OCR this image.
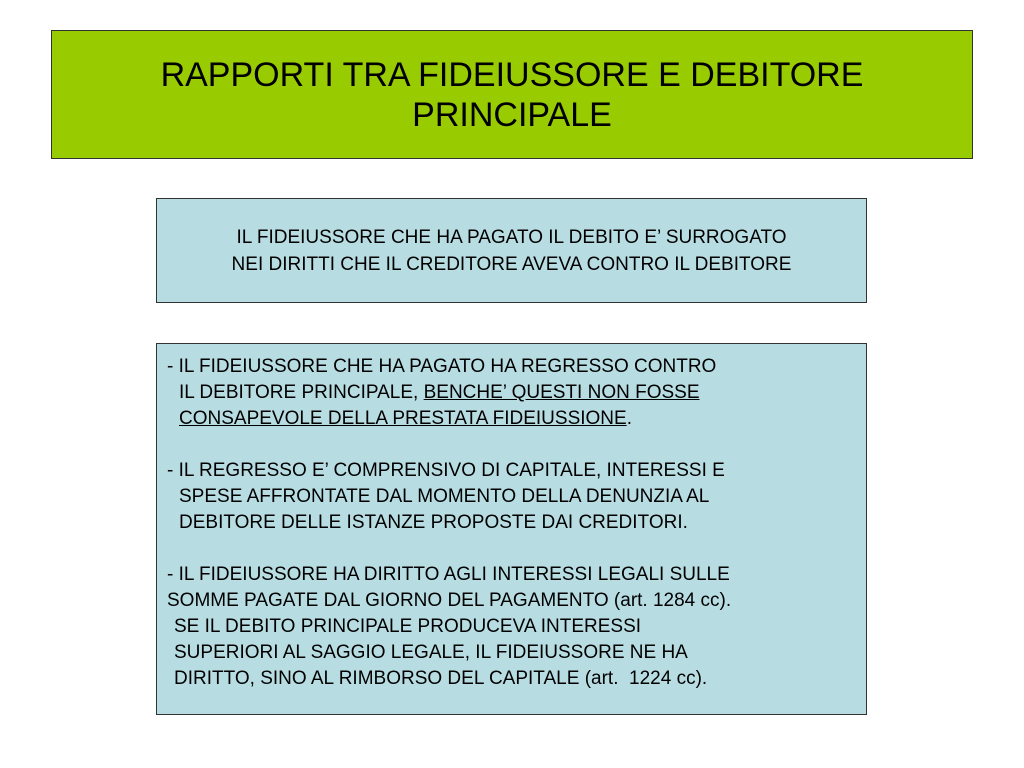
RAPPORTI TRA FIDEIUSSORE E DEBITORE
PRINCIPALE

IL FIDEIUSSORE CHE HA PAGATO IL DEBITO E’ SURROGATO
NEI DIRITTI CHE IL CREDITORE AVEVA CONTRO IL DEBITORE

- IL FIDEIUSSORE CHE HA PAGATO HA REGRESSO CONTRO
IL DEBITORE PRINCIPALE, BENCHE’ QUESTI NON FOSSE
CONSAPEVOLE DELLA PRESTATA FIDEIUSSIONE.
- IL REGRESSO E’ COMPRENSIVO DI CAPITALE, INTERESSI E
SPESE AFFRONTATE DAL MOMENTO DELLA DENUNZIA AL
DEBITORE DELLE ISTANZE PROPOSTE DAI CREDITORI.
- IL FIDEIUSSORE HA DIRITTO AGLI INTERESSI LEGALI SULLE
SOMME PAGATE DAL GIORNO DEL PAGAMENTO (art. 1284 cc).
SE IL DEBITO PRINCIPALE PRODUCEVA INTERESSI
SUPERIORI AL SAGGIO LEGALE, IL FIDEIUSSORE NE HA
DIRITTO, SINO AL RIMBORSO DEL CAPITALE (art.  1224 cc).
